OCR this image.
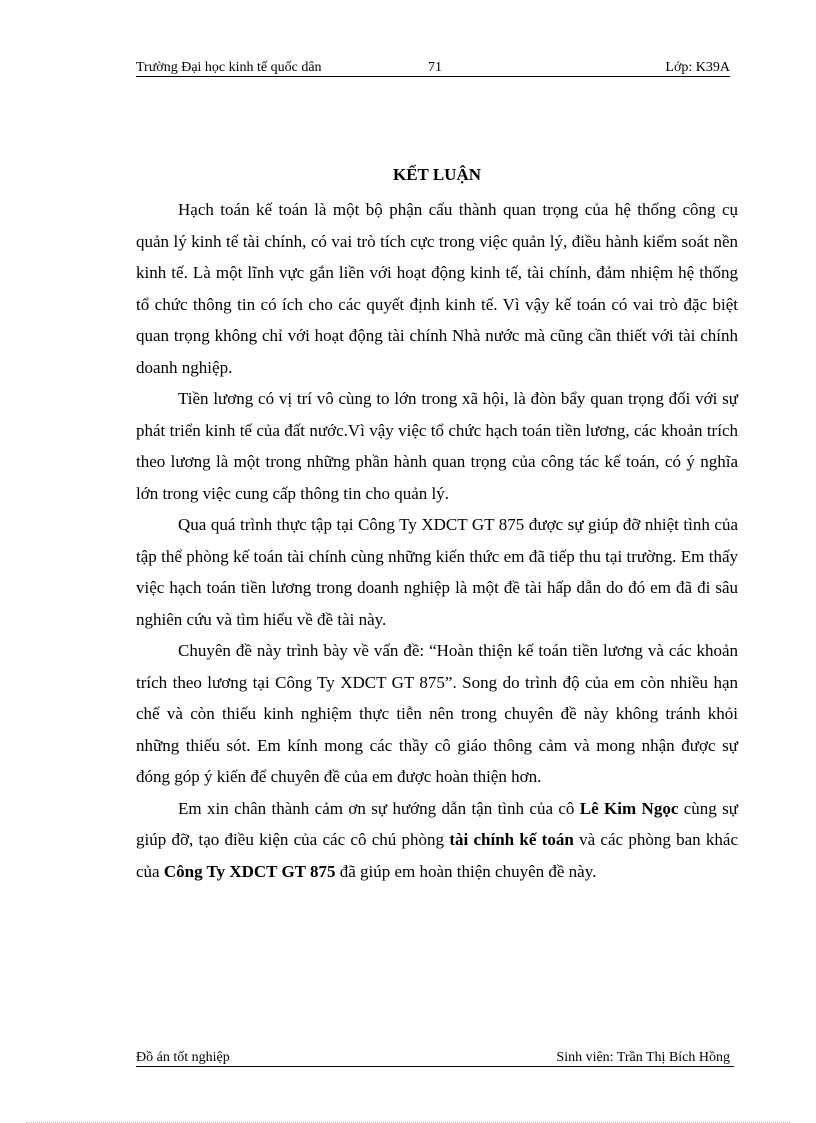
Trường Đại học kinh tế quốc dân	71	Lớp: K39A
KẾT LUẬN

Hạch toán kế toán là một bộ phận cấu thành quan trọng của hệ thống công cụ quản lý kinh tế tài chính, có vai trò tích cực trong việc quản lý, điều hành kiểm soát nền kinh tế. Là một lĩnh vực gắn liền với hoạt động kinh tế, tài chính, đảm nhiệm hệ thống tổ chức thông tin có ích cho các quyết định kinh tế. Vì vậy kế toán có vai trò đặc biệt quan trọng không chỉ với hoạt động tài chính Nhà nước mà cũng cần thiết với tài chính doanh nghiệp.

Tiền lương có vị trí vô cùng to lớn trong xã hội, là đòn bẩy quan trọng đối với sự phát triển kinh tế của đất nước.Vì vậy việc tổ chức hạch toán tiền lương, các khoản trích theo lương là một trong những phần hành quan trọng của công tác kế toán, có ý nghĩa lớn trong việc cung cấp thông tin cho quản lý.

Qua quá trình thực tập tại Công Ty XDCT GT 875 được sự giúp đỡ nhiệt tình của tập thể phòng kế toán tài chính cùng những kiến thức em đã tiếp thu tại trường. Em thấy việc hạch toán tiền lương trong doanh nghiệp là một đề tài hấp dẫn do đó em đã đi sâu nghiên cứu và tìm hiểu về đề tài này.

Chuyên đề này trình bày về vấn đề: “Hoàn thiện kế toán tiền lương và các khoản trích theo lương tại Công Ty XDCT GT 875”. Song do trình độ của em còn nhiều hạn chế và còn thiếu kinh nghiệm thực tiễn nên trong chuyên đề này không tránh khỏi những thiếu sót. Em kính mong các thầy cô giáo thông cảm và mong nhận được sự đóng góp ý kiến để chuyên đề của em được hoàn thiện hơn.

Em xin chân thành cảm ơn sự hướng dẫn tận tình của cô Lê Kim Ngọc cùng sự giúp đỡ, tạo điều kiện của các cô chú phòng tài chính kế toán và các phòng ban khác của Công Ty XDCT GT 875 đã giúp em hoàn thiện chuyên đề này.

Đồ án tốt nghiệp	Sinh viên: Trần Thị Bích Hồng
